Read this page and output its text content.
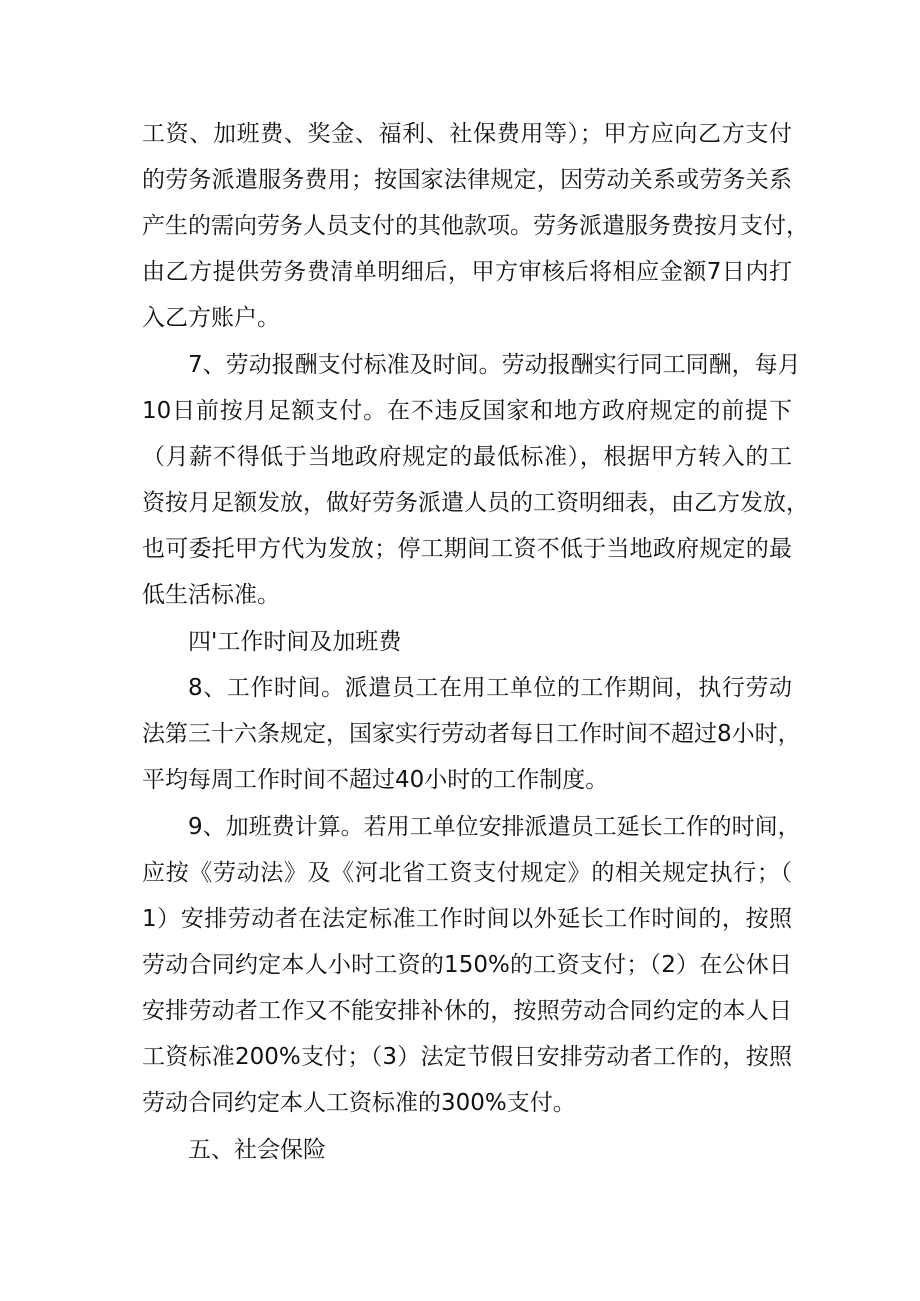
工资、加班费、奖金、福利、社保费用等）；甲方应向乙方支付
的劳务派遣服务费用；按国家法律规定，因劳动关系或劳务关系
产生的需向劳务人员支付的其他款项。劳务派遣服务费按月支付，
由乙方提供劳务费清单明细后，甲方审核后将相应金额7日内打
入乙方账户。
7、劳动报酬支付标准及时间。劳动报酬实行同工同酬，每月
10日前按月足额支付。在不违反国家和地方政府规定的前提下
（月薪不得低于当地政府规定的最低标准），根据甲方转入的工
资按月足额发放，做好劳务派遣人员的工资明细表，由乙方发放，
也可委托甲方代为发放；停工期间工资不低于当地政府规定的最
低生活标准。
四'工作时间及加班费
8、工作时间。派遣员工在用工单位的工作期间，执行劳动
法第三十六条规定，国家实行劳动者每日工作时间不超过8小时，
平均每周工作时间不超过40小时的工作制度。
9、加班费计算。若用工单位安排派遣员工延长工作的时间，
应按《劳动法》及《河北省工资支付规定》的相关规定执行；（
1）安排劳动者在法定标准工作时间以外延长工作时间的，按照
劳动合同约定本人小时工资的150%的工资支付；（2）在公休日
安排劳动者工作又不能安排补休的，按照劳动合同约定的本人日
工资标准200%支付；（3）法定节假日安排劳动者工作的，按照
劳动合同约定本人工资标准的300%支付。
五、社会保险
